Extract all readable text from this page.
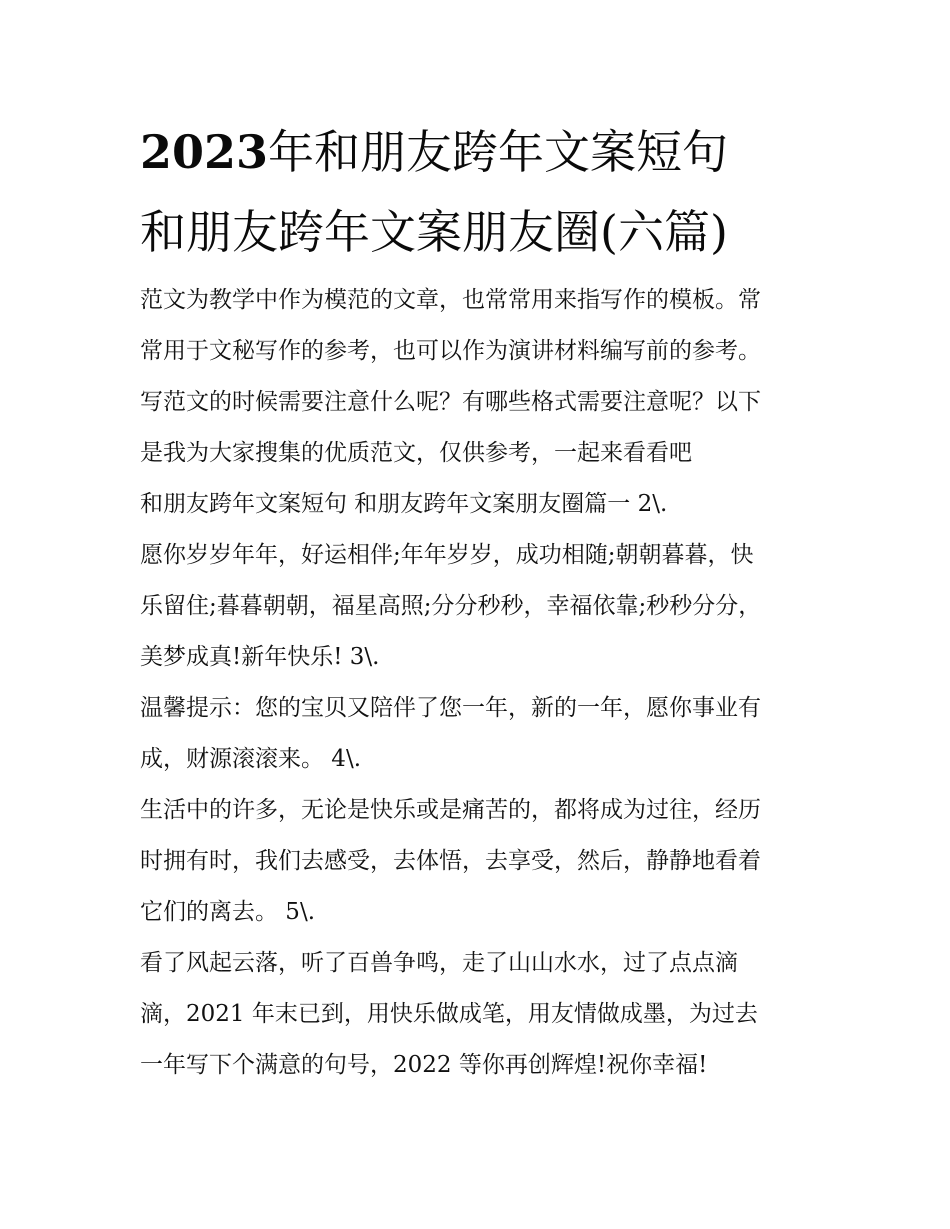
2023年和朋友跨年文案短句
和朋友跨年文案朋友圈(六篇)
范文为教学中作为模范的文章，也常常用来指写作的模板。常
常用于文秘写作的参考，也可以作为演讲材料编写前的参考。
写范文的时候需要注意什么呢？有哪些格式需要注意呢？以下
是我为大家搜集的优质范文，仅供参考，一起来看看吧
和朋友跨年文案短句 和朋友跨年文案朋友圈篇一 2\.
愿你岁岁年年，好运相伴;年年岁岁，成功相随;朝朝暮暮，快
乐留住;暮暮朝朝，福星高照;分分秒秒，幸福依靠;秒秒分分，
美梦成真!新年快乐! 3\.
温馨提示：您的宝贝又陪伴了您一年，新的一年，愿你事业有
成，财源滚滚来。 4\.
生活中的许多，无论是快乐或是痛苦的，都将成为过往，经历
时拥有时，我们去感受，去体悟，去享受，然后，静静地看着
它们的离去。 5\.
看了风起云落，听了百兽争鸣，走了山山水水，过了点点滴
滴，2021 年末已到，用快乐做成笔，用友情做成墨，为过去
一年写下个满意的句号，2022 等你再创辉煌!祝你幸福!
